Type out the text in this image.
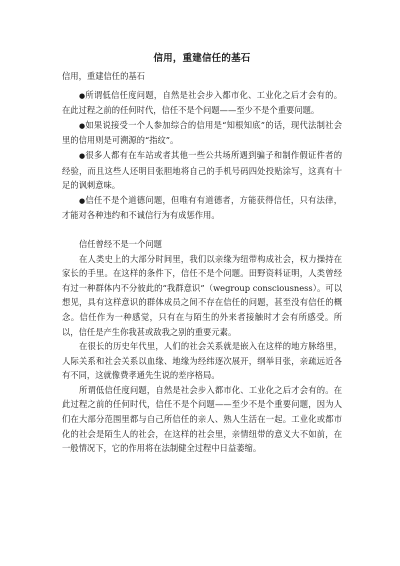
信用，重建信任的基石

信用，重建信任的基石

●所谓低信任度问题，自然是社会步入都市化、工业化之后才会有的。在此过程之前的任何时代，信任不是个问题——至少不是个重要问题。

●如果说接受一个人参加综合的信用是“知根知底”的话，现代法制社会里的信用则是可溯源的“指纹”。

●很多人都有在车站或者其他一些公共场所遇到骗子和制作假证件者的经验，而且这些人还明目张胆地将自己的手机号码四处投贴涂写，这真有十足的讽刺意味。

●信任不是个道德问题，但唯有有道德者，方能获得信任，只有法律，才能对各种违约和不诚信行为有成惩作用。

信任曾经不是一个问题

在人类史上的大部分时间里，我们以亲缘为纽带构成社会，权力操持在家长的手里。在这样的条件下，信任不是个问题。田野资料证明，人类曾经有过一种群体内不分彼此的“我群意识”（wegroup consciousness）。可以想见，具有这样意识的群体成员之间不存在信任的问题，甚至没有信任的概念。信任作为一种感觉，只有在与陌生的外来者接触时才会有所感受。所以，信任是产生你我甚或敌我之别的重要元素。

在很长的历史年代里，人们的社会关系就是嵌入在这样的地方脉络里，人际关系和社会关系以血缘、地缘为经纬逐次展开，纲举目张，亲疏远近各有不同，这就像费孝通先生说的差序格局。

所谓低信任度问题，自然是社会步入都市化、工业化之后才会有的。在此过程之前的任何时代，信任不是个问题——至少不是个重要问题，因为人们在大部分范围里都与自己所信任的亲人、熟人生活在一起。工业化或都市化的社会是陌生人的社会，在这样的社会里，亲情纽带的意义大不如前，在一般情况下，它的作用将在法制健全过程中日益萎缩。
